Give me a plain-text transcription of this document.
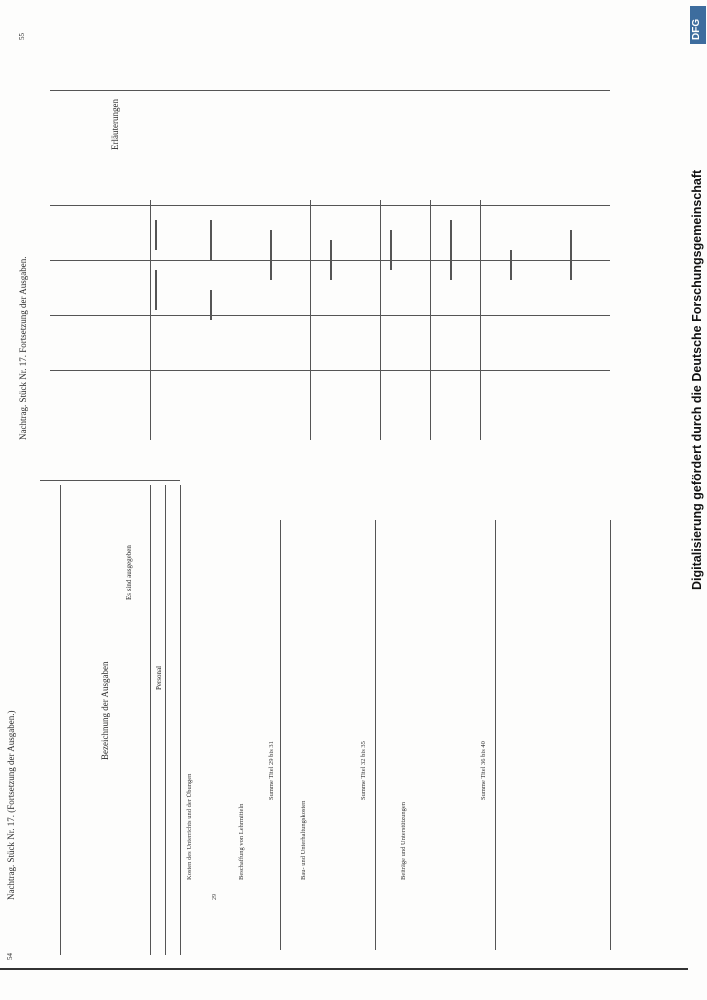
DFG
Digitalisierung gefördert durch die Deutsche Forschungsgemeinschaft
Nachtrag. Stück Nr. 17. (Fortsetzung der Ausgaben.)
54
Nachtrag. Stück Nr. 17. Fortsetzung der Ausgaben.
55
Bezeichnung der Ausgaben	Personal
Es sind ausgegeben
29
Kosten des Unterrichts und der Übungen	Beschaffung von Lehrmitteln
Summe Titel 29 bis 31
Bau- und Unterhaltungskosten
Summe Titel 32 bis 35
Beiträge und Unterstützungen
Summe Titel 36 bis 40
Erläuterungen
